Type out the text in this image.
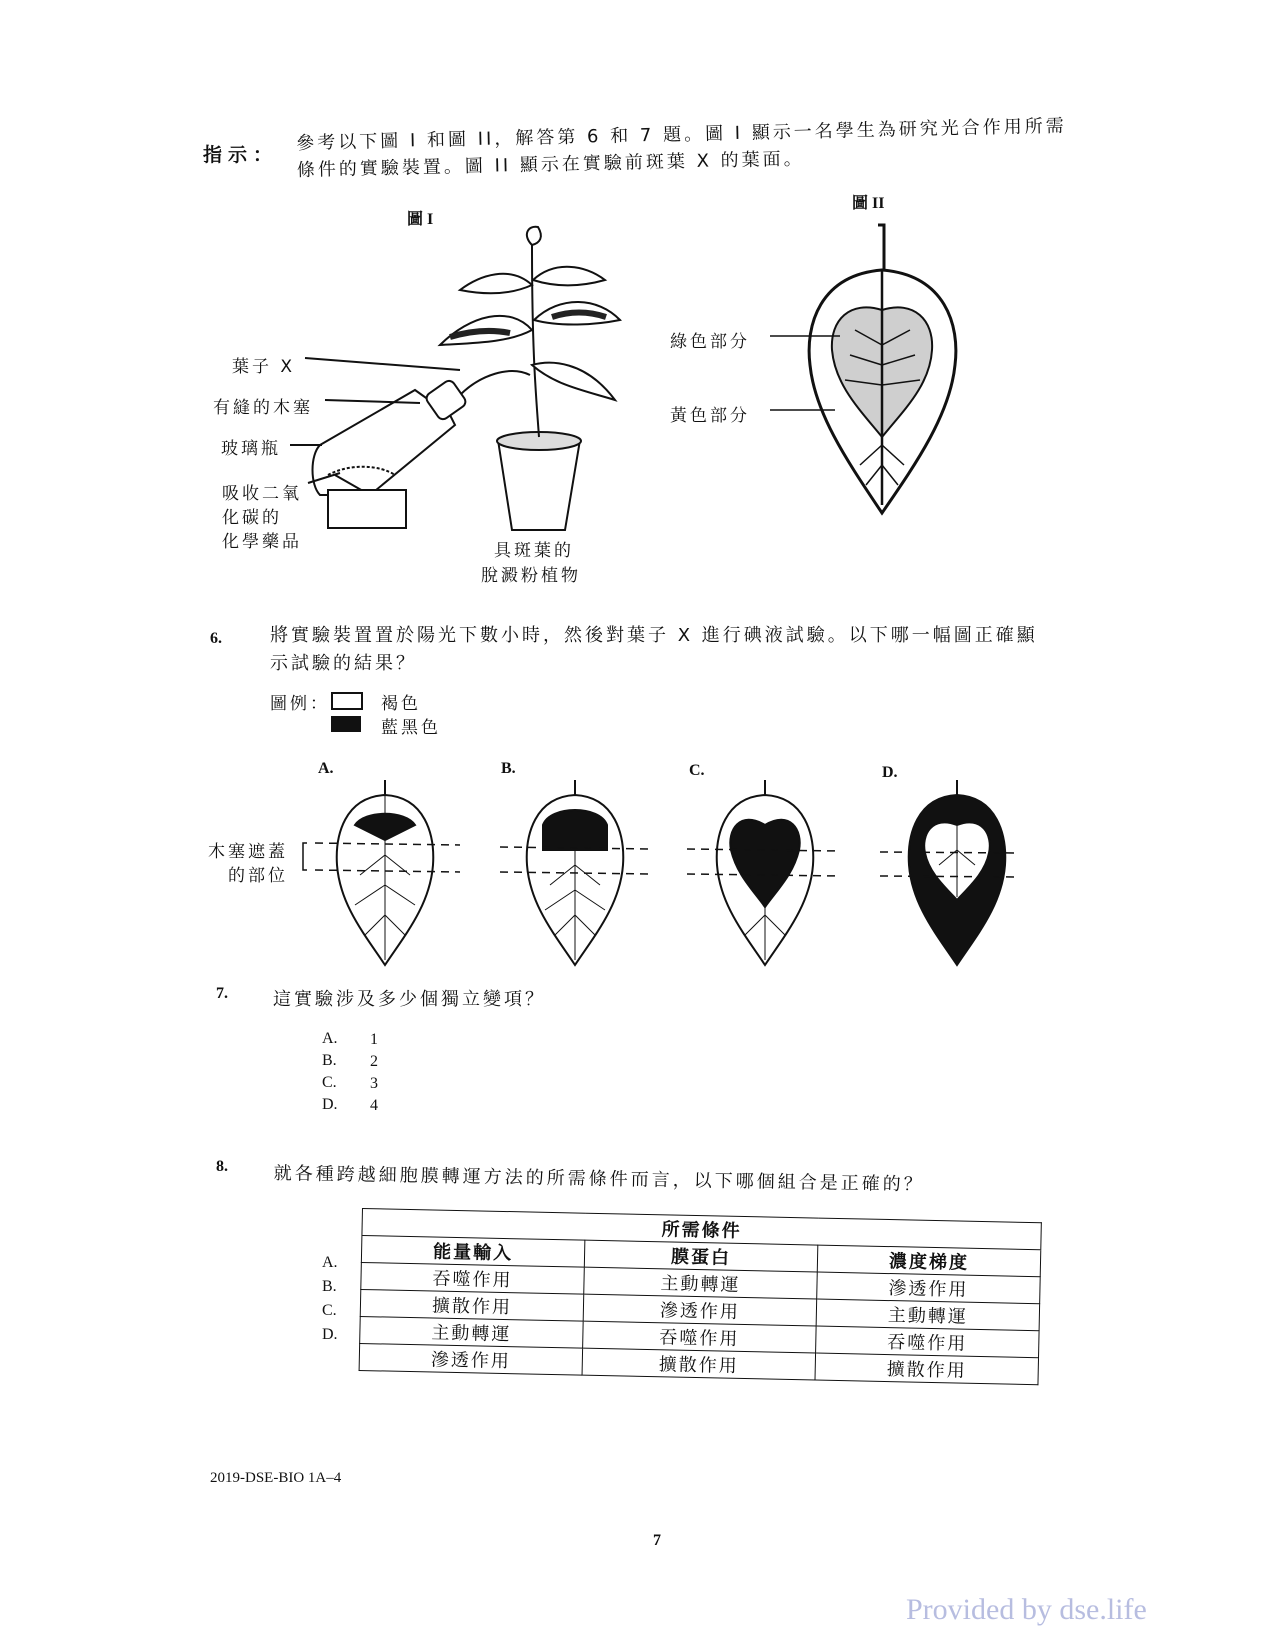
指示：
參考以下圖 I 和圖 II，解答第 6 和 7 題。圖 I 顯示一名學生為研究光合作用所需條件的實驗裝置。圖 II 顯示在實驗前斑葉 X 的葉面。
圖 I
葉子 X
有縫的木塞
玻璃瓶
吸收二氧
化碳的
化學藥品	具斑葉的
脫澱粉植物
圖 II
綠色部分
黃色部分
6.	將實驗裝置置於陽光下數小時，然後對葉子 X 進行碘液試驗。以下哪一幅圖正確顯示試驗的結果？
圖例：	褐色
藍黑色
A.	B.	C.	D.
木塞遮蓋
的部位
7.	這實驗涉及多少個獨立變項？
A. 1
B. 2
C. 3
D. 4
8.	就各種跨越細胞膜轉運方法的所需條件而言，以下哪個組合是正確的？
A.
B.
C.
D.
所需條件		
能量輸入	膜蛋白	濃度梯度
吞噬作用	主動轉運	滲透作用
擴散作用	滲透作用	主動轉運
主動轉運	吞噬作用	吞噬作用
滲透作用	擴散作用	擴散作用
2019-DSE-BIO 1A–4
7
Provided by dse.life
